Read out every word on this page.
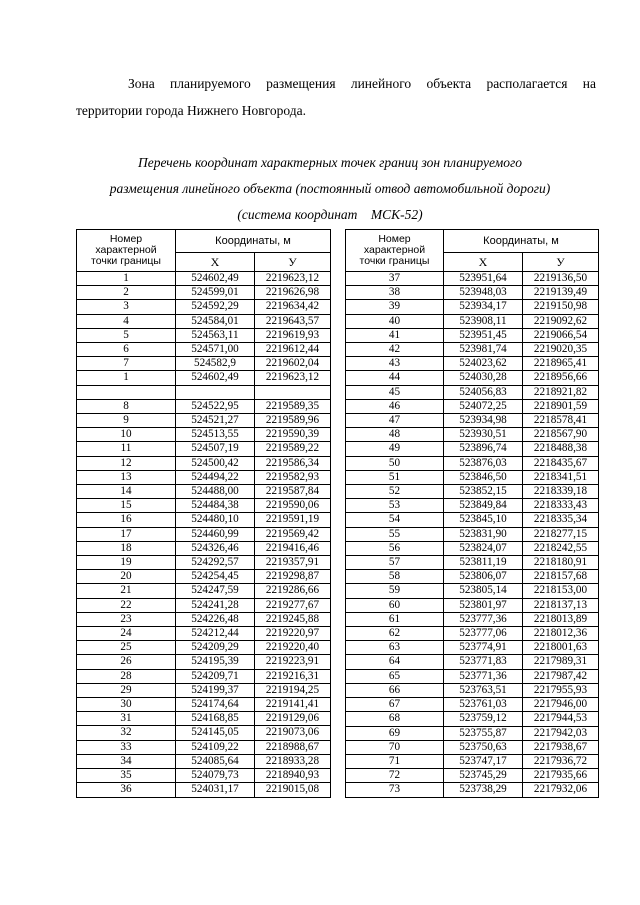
Зона планируемого размещения линейного объекта располагается на
территории города Нижнего Новгорода.
Перечень координат характерных точек границ зон планируемого
размещения линейного объекта (постоянный отвод автомобильной дороги)
(система координат    МСК-52)
Номер
характерной
точки границы	Координаты, м	
	Х	У
1	524602,49	2219623,12
2	524599,01	2219626,98
3	524592,29	2219634,42
4	524584,01	2219643,57
5	524563,11	2219619,93
6	524571,00	2219612,44
7	524582,9	2219602,04
1	524602,49	2219623,12

8	524522,95	2219589,35
9	524521,27	2219589,96
10	524513,55	2219590,39
11	524507,19	2219589,22
12	524500,42	2219586,34
13	524494,22	2219582,93
14	524488,00	2219587,84
15	524484,38	2219590,06
16	524480,10	2219591,19
17	524460,99	2219569,42
18	524326,46	2219416,46
19	524292,57	2219357,91
20	524254,45	2219298,87
21	524247,59	2219286,66
22	524241,28	2219277,67
23	524226,48	2219245,88
24	524212,44	2219220,97
25	524209,29	2219220,40
26	524195,39	2219223,91
28	524209,71	2219216,31
29	524199,37	2219194,25
30	524174,64	2219141,41
31	524168,85	2219129,06
32	524145,05	2219073,06
33	524109,22	2218988,67
34	524085,64	2218933,28
35	524079,73	2218940,93
36	524031,17	2219015,08
Номер
характерной
точки границы	Координаты, м	
	Х	У
37	523951,64	2219136,50
38	523948,03	2219139,49
39	523934,17	2219150,98
40	523908,11	2219092,62
41	523951,45	2219066,54
42	523981,74	2219020,35
43	524023,62	2218965,41
44	524030,28	2218956,66
45	524056,83	2218921,82
46	524072,25	2218901,59
47	523934,98	2218578,41
48	523930,51	2218567,90
49	523896,74	2218488,38
50	523876,03	2218435,67
51	523846,50	2218341,51
52	523852,15	2218339,18
53	523849,84	2218333,43
54	523845,10	2218335,34
55	523831,90	2218277,15
56	523824,07	2218242,55
57	523811,19	2218180,91
58	523806,07	2218157,68
59	523805,14	2218153,00
60	523801,97	2218137,13
61	523777,36	2218013,89
62	523777,06	2218012,36
63	523774,91	2218001,63
64	523771,83	2217989,31
65	523771,36	2217987,42
66	523763,51	2217955,93
67	523761,03	2217946,00
68	523759,12	2217944,53
69	523755,87	2217942,03
70	523750,63	2217938,67
71	523747,17	2217936,72
72	523745,29	2217935,66
73	523738,29	2217932,06
